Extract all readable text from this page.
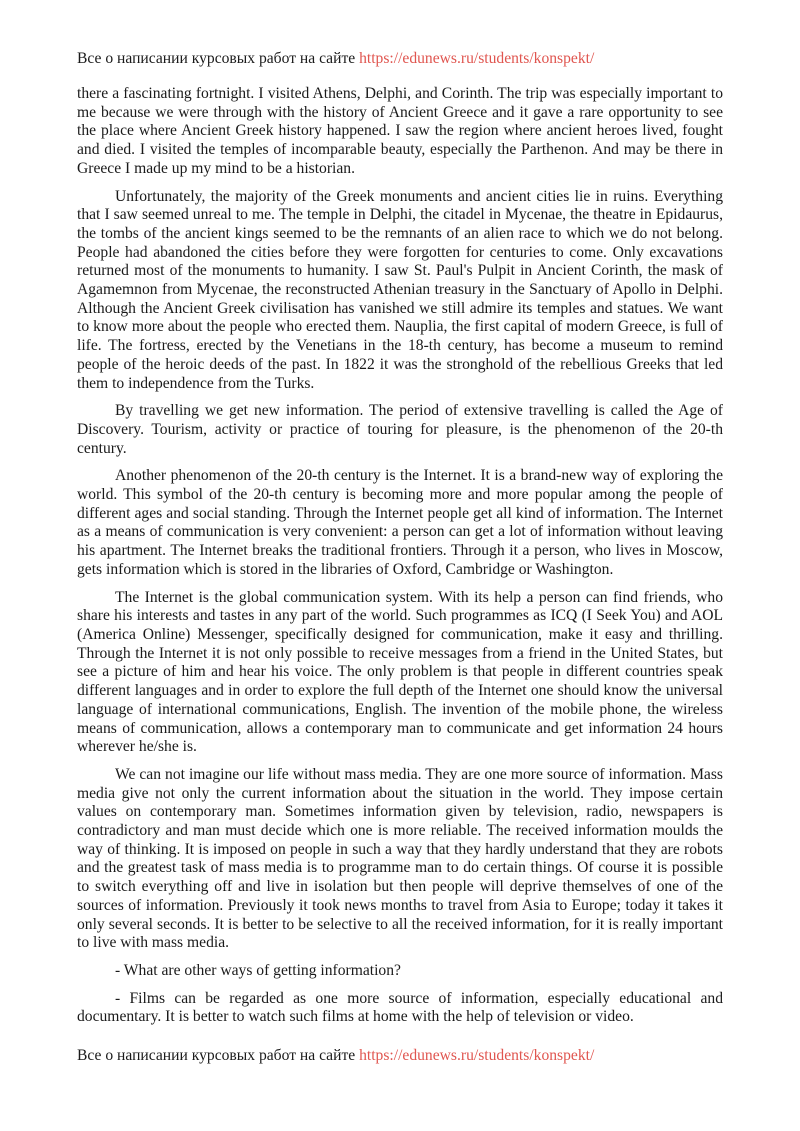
Все о написании курсовых работ на сайте https://edunews.ru/students/konspekt/

there a fascinating fortnight. I visited Athens, Delphi, and Corinth. The trip was especially important to me because we were through with the history of Ancient Greece and it gave a rare opportunity to see the place where Ancient Greek history happened. I saw the region where ancient heroes lived, fought and died. I visited the temples of incomparable beauty, especially the Parthenon. And may be there in Greece I made up my mind to be a historian.

Unfortunately, the majority of the Greek monuments and ancient cities lie in ruins. Everything that I saw seemed unreal to me. The temple in Delphi, the citadel in Mycenae, the theatre in Epidaurus, the tombs of the ancient kings seemed to be the remnants of an alien race to which we do not belong. People had abandoned the cities before they were forgotten for centuries to come. Only excavations returned most of the monuments to humanity. I saw St. Paul's Pulpit in Ancient Corinth, the mask of Agamemnon from Mycenae, the reconstructed Athenian treasury in the Sanctuary of Apollo in Delphi. Although the Ancient Greek civilisation has vanished we still admire its temples and statues. We want to know more about the people who erected them. Nauplia, the first capital of modern Greece, is full of life. The fortress, erected by the Venetians in the 18-th century, has become a museum to remind people of the heroic deeds of the past. In 1822 it was the stronghold of the rebellious Greeks that led them to independence from the Turks.

By travelling we get new information. The period of extensive travelling is called the Age of Discovery. Tourism, activity or practice of touring for pleasure, is the phenomenon of the 20-th century.

Another phenomenon of the 20-th century is the Internet. It is a brand-new way of exploring the world. This symbol of the 20-th century is becoming more and more popular among the people of different ages and social standing. Through the Internet people get all kind of information. The Internet as a means of communication is very convenient: a person can get a lot of information without leaving his apartment. The Internet breaks the traditional frontiers. Through it a person, who lives in Moscow, gets information which is stored in the libraries of Oxford, Cambridge or Washington.

The Internet is the global communication system. With its help a person can find friends, who share his interests and tastes in any part of the world. Such programmes as ICQ (I Seek You) and AOL (America Online) Messenger, specifically designed for communication, make it easy and thrilling. Through the Internet it is not only possible to receive messages from a friend in the United States, but see a picture of him and hear his voice. The only problem is that people in different countries speak different languages and in order to explore the full depth of the Internet one should know the universal language of international communications, English. The invention of the mobile phone, the wireless means of communication, allows a contemporary man to communicate and get information 24 hours wherever he/she is.

We can not imagine our life without mass media. They are one more source of information. Mass media give not only the current information about the situation in the world. They impose certain values on contemporary man. Sometimes information given by television, radio, newspapers is contradictory and man must decide which one is more reliable. The received information moulds the way of thinking. It is imposed on people in such a way that they hardly understand that they are robots and the greatest task of mass media is to programme man to do certain things. Of course it is possible to switch everything off and live in isolation but then people will deprive themselves of one of the sources of information. Previously it took news months to travel from Asia to Europe; today it takes it only several seconds. It is better to be selective to all the received information, for it is really important to live with mass media.

- What are other ways of getting information?

- Films can be regarded as one more source of information, especially educational and documentary. It is better to watch such films at home with the help of television or video.

Все о написании курсовых работ на сайте https://edunews.ru/students/konspekt/
